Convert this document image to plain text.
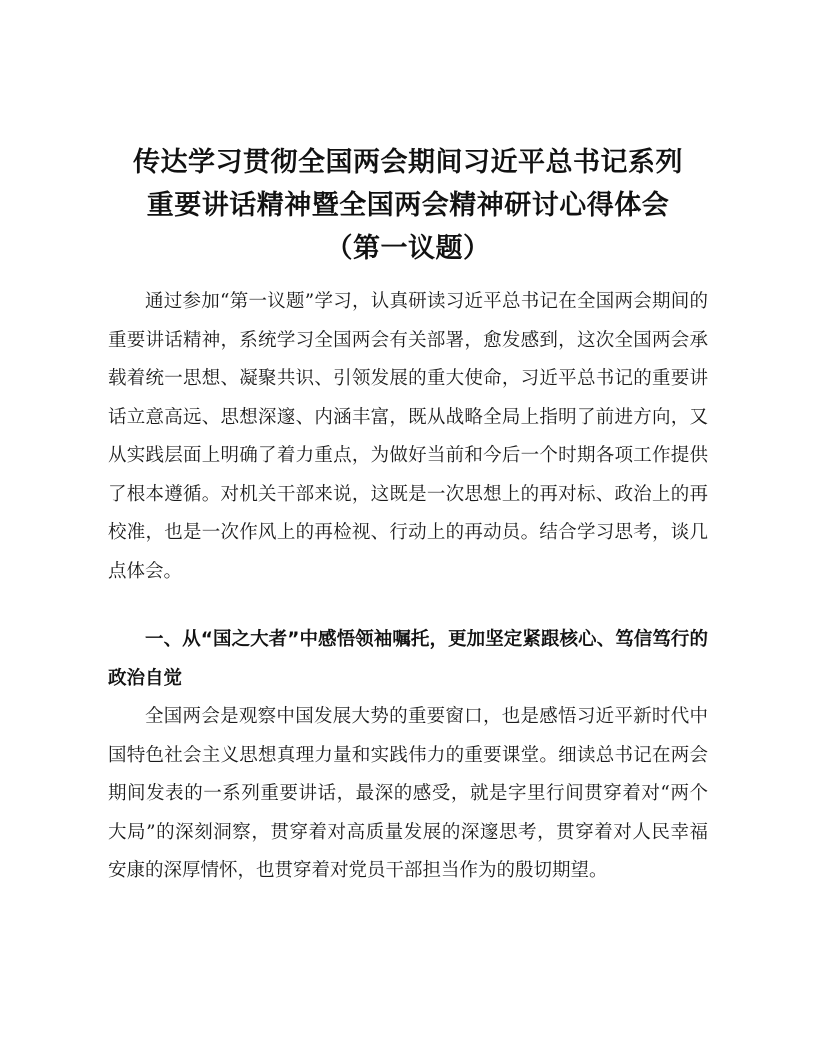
传达学习贯彻全国两会期间习近平总书记系列
重要讲话精神暨全国两会精神研讨心得体会
（第一议题）

通过参加“第一议题”学习，认真研读习近平总书记在全国两会期间的重要讲话精神，系统学习全国两会有关部署，愈发感到，这次全国两会承载着统一思想、凝聚共识、引领发展的重大使命，习近平总书记的重要讲话立意高远、思想深邃、内涵丰富，既从战略全局上指明了前进方向，又从实践层面上明确了着力重点，为做好当前和今后一个时期各项工作提供了根本遵循。对机关干部来说，这既是一次思想上的再对标、政治上的再校准，也是一次作风上的再检视、行动上的再动员。结合学习思考，谈几点体会。

一、从“国之大者”中感悟领袖嘱托，更加坚定紧跟核心、笃信笃行的政治自觉

全国两会是观察中国发展大势的重要窗口，也是感悟习近平新时代中国特色社会主义思想真理力量和实践伟力的重要课堂。细读总书记在两会期间发表的一系列重要讲话，最深的感受，就是字里行间贯穿着对“两个大局”的深刻洞察，贯穿着对高质量发展的深邃思考，贯穿着对人民幸福安康的深厚情怀，也贯穿着对党员干部担当作为的殷切期望。
